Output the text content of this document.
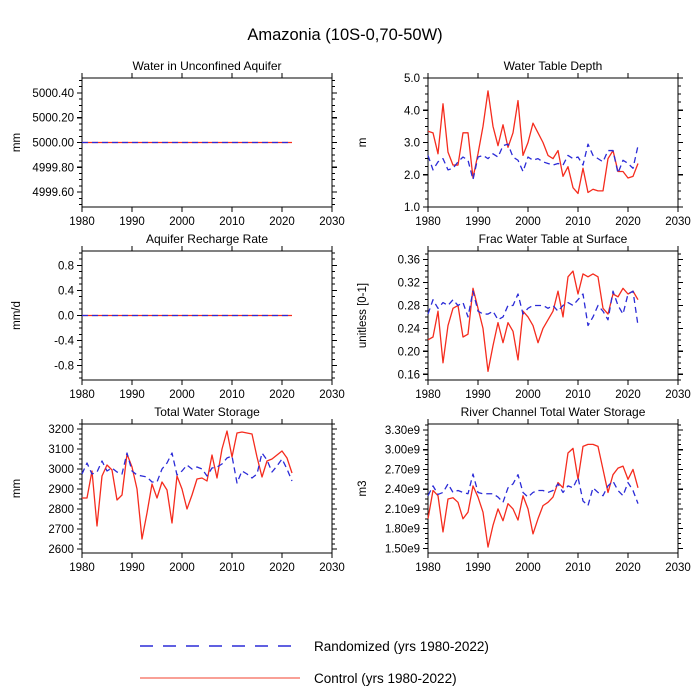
Amazonia (10S-0,70-50W)
1980 1990 2000 2010 2020 2030
4999.60
4999.80
5000.00
5000.20
5000.40
Water in Unconfined Aquifer
mm
1980 1990 2000 2010 2020 2030
1.0
2.0
3.0
4.0
5.0
Water Table Depth
m
1980 1990 2000 2010 2020 2030
-0.8
-0.4
0.0
0.4
0.8
Aquifer Recharge Rate
mm/d
1980 1990 2000 2010 2020 2030
0.16
0.20
0.24
0.28
0.32
0.36
Frac Water Table at Surface
unitless [0-1]
1980 1990 2000 2010 2020 2030
2600
2700
2800
2900
3000
3100
3200
Total Water Storage
mm
1980 1990 2000 2010 2020 2030
1.50e9
1.80e9
2.10e9
2.40e9
2.70e9
3.00e9
3.30e9
River Channel Total Water Storage
m3
Randomized (yrs 1980-2022)
Control (yrs 1980-2022)
